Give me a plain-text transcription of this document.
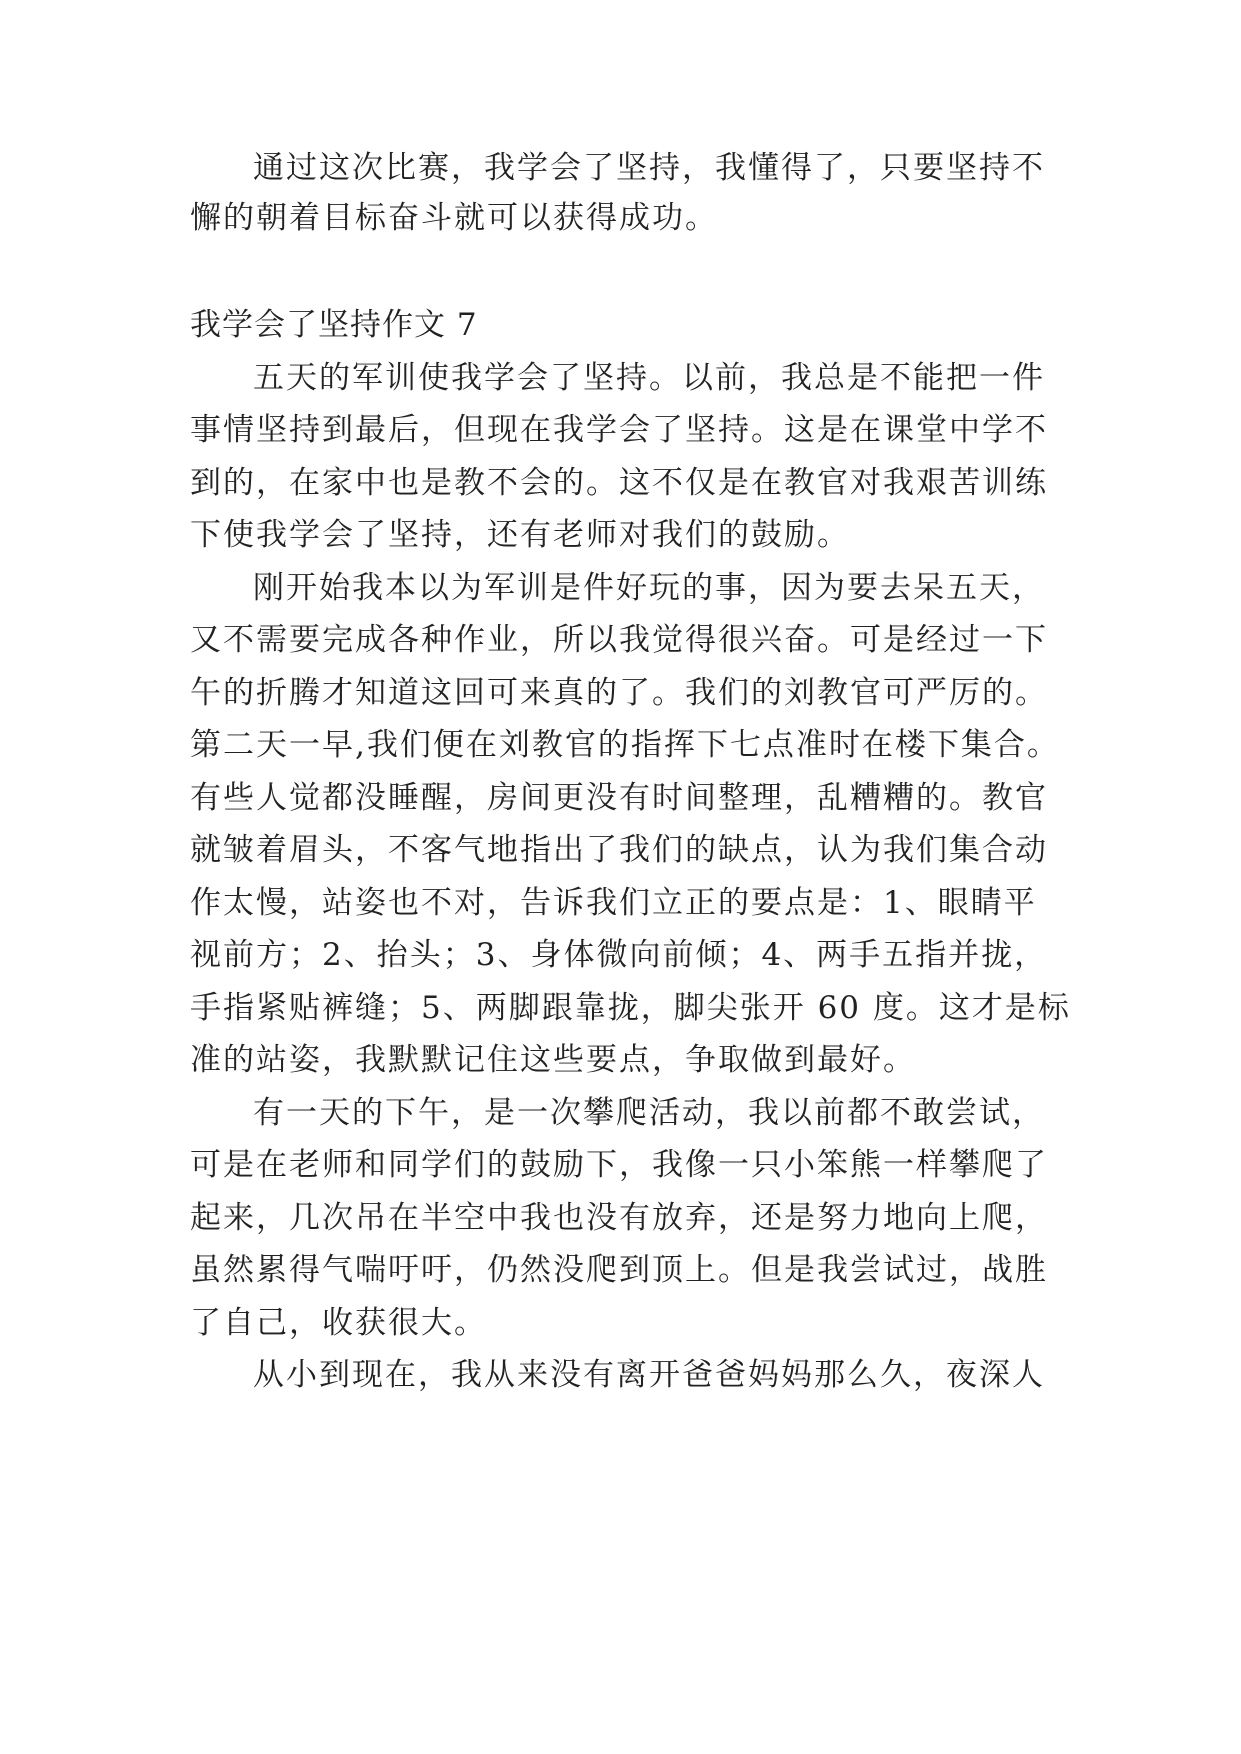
通过这次比赛，我学会了坚持，我懂得了，只要坚持不
懈的朝着目标奋斗就可以获得成功。
我学会了坚持作文 7
五天的军训使我学会了坚持。以前，我总是不能把一件
事情坚持到最后，但现在我学会了坚持。这是在课堂中学不
到的，在家中也是教不会的。这不仅是在教官对我艰苦训练
下使我学会了坚持，还有老师对我们的鼓励。
刚开始我本以为军训是件好玩的事，因为要去呆五天，
又不需要完成各种作业，所以我觉得很兴奋。可是经过一下
午的折腾才知道这回可来真的了。我们的刘教官可严厉的。
第二天一早,我们便在刘教官的指挥下七点准时在楼下集合。
有些人觉都没睡醒，房间更没有时间整理，乱糟糟的。教官
就皱着眉头，不客气地指出了我们的缺点，认为我们集合动
作太慢，站姿也不对，告诉我们立正的要点是：1、眼睛平
视前方；2、抬头；3、身体微向前倾；4、两手五指并拢，
手指紧贴裤缝；5、两脚跟靠拢，脚尖张开 60 度。这才是标
准的站姿，我默默记住这些要点，争取做到最好。
有一天的下午，是一次攀爬活动，我以前都不敢尝试，
可是在老师和同学们的鼓励下，我像一只小笨熊一样攀爬了
起来，几次吊在半空中我也没有放弃，还是努力地向上爬，
虽然累得气喘吁吁，仍然没爬到顶上。但是我尝试过，战胜
了自己，收获很大。
从小到现在，我从来没有离开爸爸妈妈那么久，夜深人
